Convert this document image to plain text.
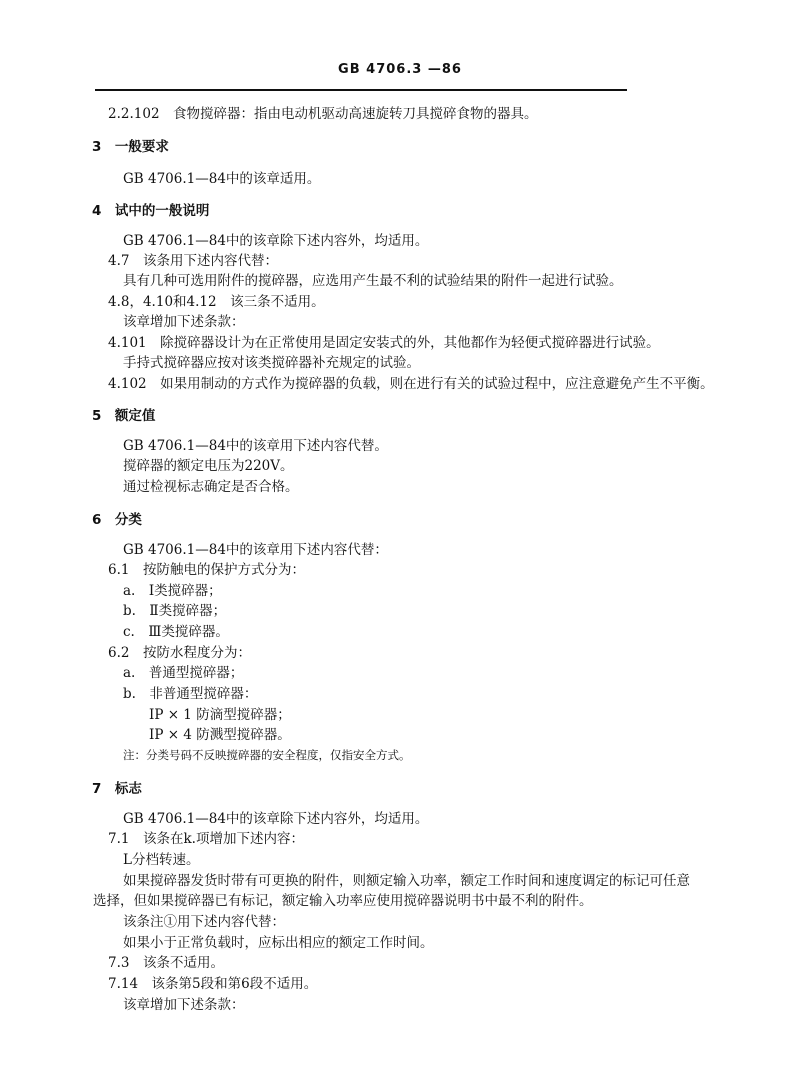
GB 4706.3 —86
2.2.102　食物搅碎器：指由电动机驱动高速旋转刀具搅碎食物的器具。
3　一般要求
GB 4706.1—84中的该章适用。
4　试中的一般说明
GB 4706.1—84中的该章除下述内容外，均适用。
4.7　该条用下述内容代替：
具有几种可选用附件的搅碎器，应选用产生最不利的试验结果的附件一起进行试验。
4.8，4.10和4.12　该三条不适用。
该章增加下述条款：
4.101　除搅碎器设计为在正常使用是固定安装式的外，其他都作为轻便式搅碎器进行试验。
手持式搅碎器应按对该类搅碎器补充规定的试验。
4.102　如果用制动的方式作为搅碎器的负载，则在进行有关的试验过程中，应注意避免产生不平衡。
5　额定值
GB 4706.1—84中的该章用下述内容代替。
搅碎器的额定电压为220V。
通过检视标志确定是否合格。
6　分类
GB 4706.1—84中的该章用下述内容代替：
6.1　按防触电的保护方式分为：
a.　Ⅰ类搅碎器；
b.　Ⅱ类搅碎器；
c.　Ⅲ类搅碎器。
6.2　按防水程度分为：
a.　普通型搅碎器；
b.　非普通型搅碎器：
IP × 1 防滴型搅碎器；
IP × 4 防溅型搅碎器。
注：分类号码不反映搅碎器的安全程度，仅指安全方式。
7　标志
GB 4706.1—84中的该章除下述内容外，均适用。
7.1　该条在k.项增加下述内容：
L分档转速。
如果搅碎器发货时带有可更换的附件，则额定输入功率，额定工作时间和速度调定的标记可任意
选择，但如果搅碎器已有标记，额定输入功率应使用搅碎器说明书中最不利的附件。
该条注①用下述内容代替：
如果小于正常负载时，应标出相应的额定工作时间。
7.3　该条不适用。
7.14　该条第5段和第6段不适用。
该章增加下述条款：
